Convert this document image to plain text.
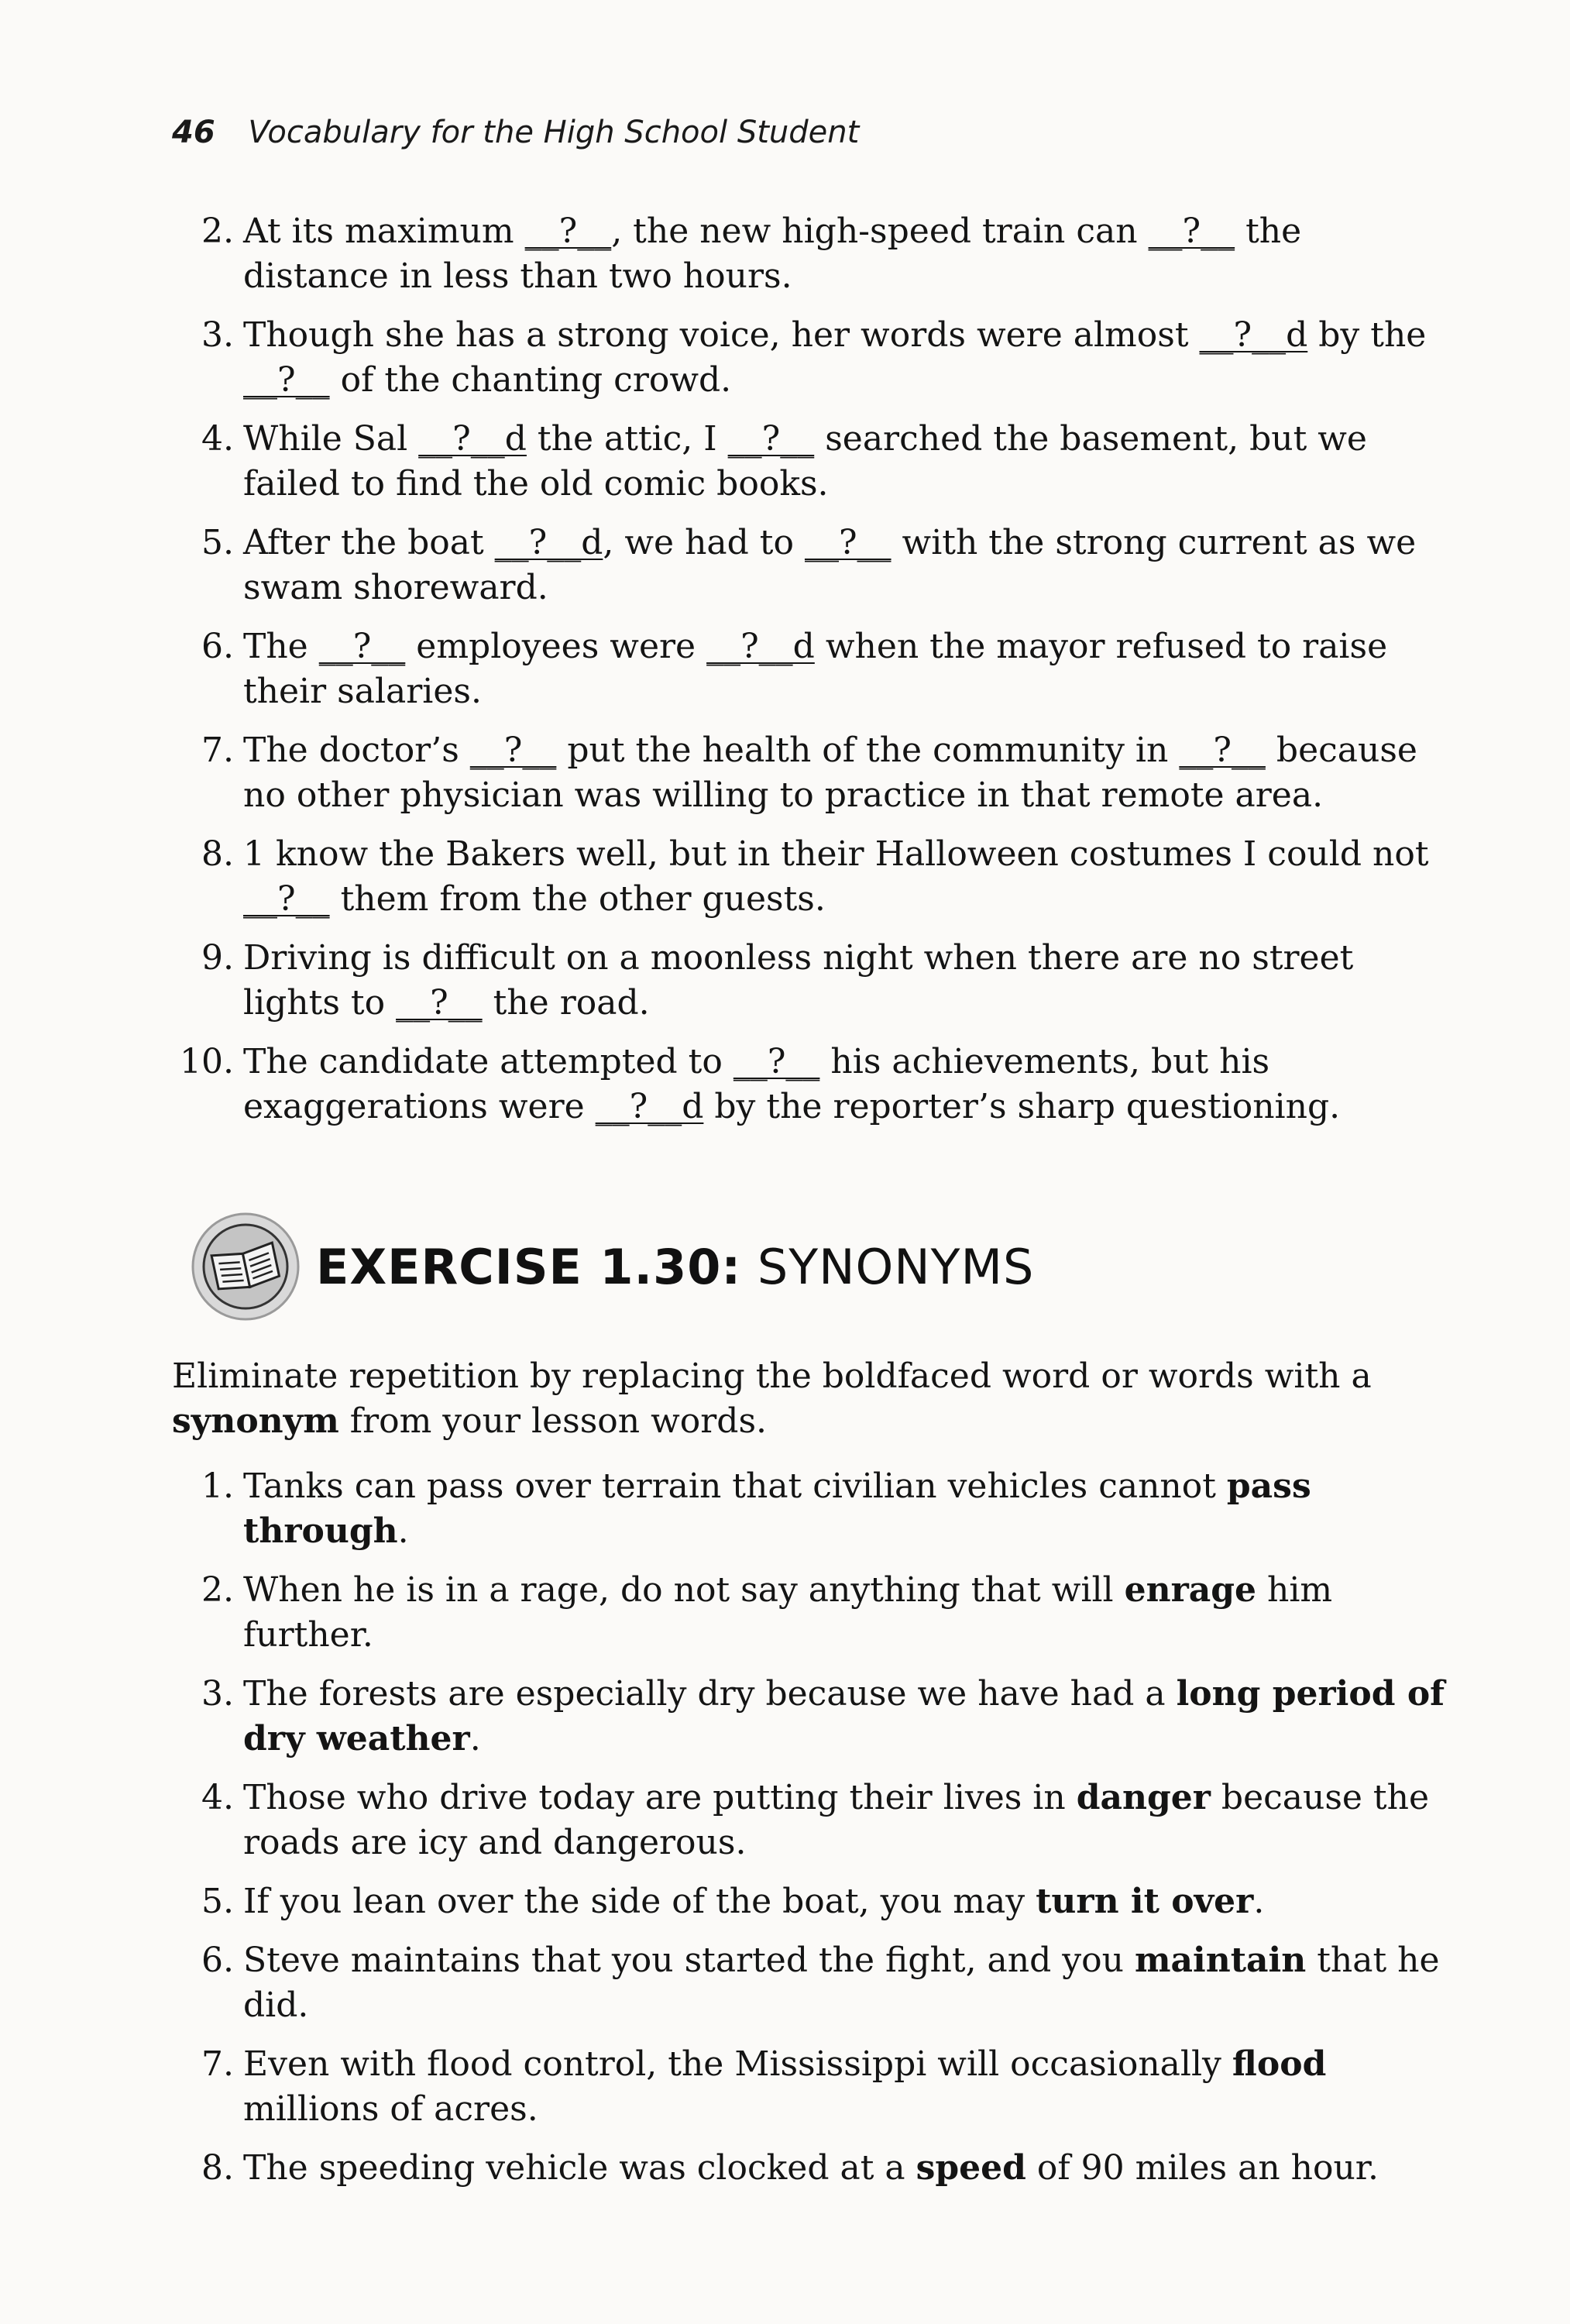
46 Vocabulary for the High School Student
2. At its maximum __?__, the new high-speed train can __?__ the distance in less than two hours.
3. Though she has a strong voice, her words were almost __?__d by the __?__ of the chanting crowd.
4. While Sal __?__d the attic, I __?__ searched the basement, but we failed to find the old comic books.
5. After the boat __?__d, we had to __?__ with the strong current as we swam shoreward.
6. The __?__ employees were __?__d when the mayor refused to raise their salaries.
7. The doctor’s __?__ put the health of the community in __?__ because no other physician was willing to practice in that remote area.
8. 1 know the Bakers well, but in their Halloween costumes I could not __?__ them from the other guests.
9. Driving is difficult on a moonless night when there are no street lights to __?__ the road.
10. The candidate attempted to __?__ his achievements, but his exaggerations were __?__d by the reporter’s sharp questioning.
EXERCISE 1.30: SYNONYMS
Eliminate repetition by replacing the boldfaced word or words with a synonym from your lesson words.
1. Tanks can pass over terrain that civilian vehicles cannot pass through.
2. When he is in a rage, do not say anything that will enrage him further.
3. The forests are especially dry because we have had a long period of dry weather.
4. Those who drive today are putting their lives in danger because the roads are icy and dangerous.
5. If you lean over the side of the boat, you may turn it over.
6. Steve maintains that you started the fight, and you maintain that he did.
7. Even with flood control, the Mississippi will occasionally flood millions of acres.
8. The speeding vehicle was clocked at a speed of 90 miles an hour.
